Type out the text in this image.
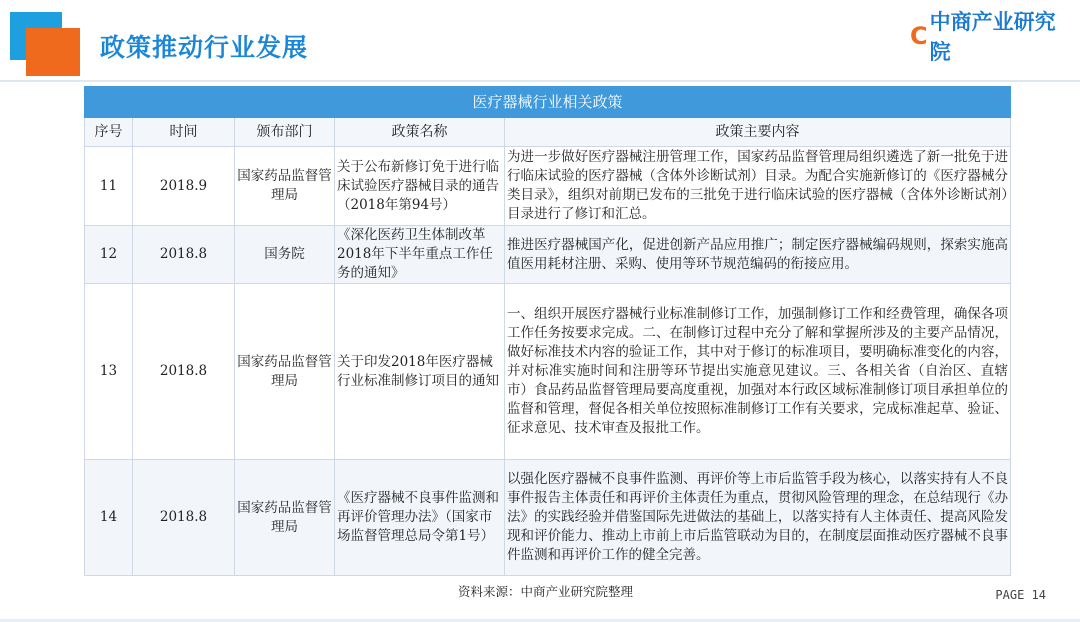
政策推动行业发展	C 中商产业研究院
医疗器械行业相关政策				
序号	时间	颁布部门	政策名称	政策主要内容
11	2018.9	国家药品监督管理局	关于公布新修订免于进行临床试验医疗器械目录的通告（2018年第94号）	为进一步做好医疗器械注册管理工作，国家药品监督管理局组织遴选了新一批免于进行临床试验的医疗器械（含体外诊断试剂）目录。为配合实施新修订的《医疗器械分类目录》，组织对前期已发布的三批免于进行临床试验的医疗器械（含体外诊断试剂）目录进行了修订和汇总。
12	2018.8	国务院	《深化医药卫生体制改革2018年下半年重点工作任务的通知》	推进医疗器械国产化，促进创新产品应用推广；制定医疗器械编码规则，探索实施高值医用耗材注册、采购、使用等环节规范编码的衔接应用。
13	2018.8	国家药品监督管理局	关于印发2018年医疗器械行业标准制修订项目的通知	一、组织开展医疗器械行业标准制修订工作，加强制修订工作和经费管理，确保各项工作任务按要求完成。二、在制修订过程中充分了解和掌握所涉及的主要产品情况，做好标准技术内容的验证工作，其中对于修订的标准项目，要明确标准变化的内容，并对标准实施时间和注册等环节提出实施意见建议。三、各相关省（自治区、直辖市）食品药品监督管理局要高度重视，加强对本行政区域标准制修订项目承担单位的监督和管理，督促各相关单位按照标准制修订工作有关要求，完成标准起草、验证、征求意见、技术审查及报批工作。
14	2018.8	国家药品监督管理局	《医疗器械不良事件监测和再评价管理办法》（国家市场监督管理总局令第1号）	以强化医疗器械不良事件监测、再评价等上市后监管手段为核心，以落实持有人不良事件报告主体责任和再评价主体责任为重点，贯彻风险管理的理念，在总结现行《办法》的实践经验并借鉴国际先进做法的基础上，以落实持有人主体责任、提高风险发现和评价能力、推动上市前上市后监管联动为目的，在制度层面推动医疗器械不良事件监测和再评价工作的健全完善。
资料来源：中商产业研究院整理	PAGE 14
